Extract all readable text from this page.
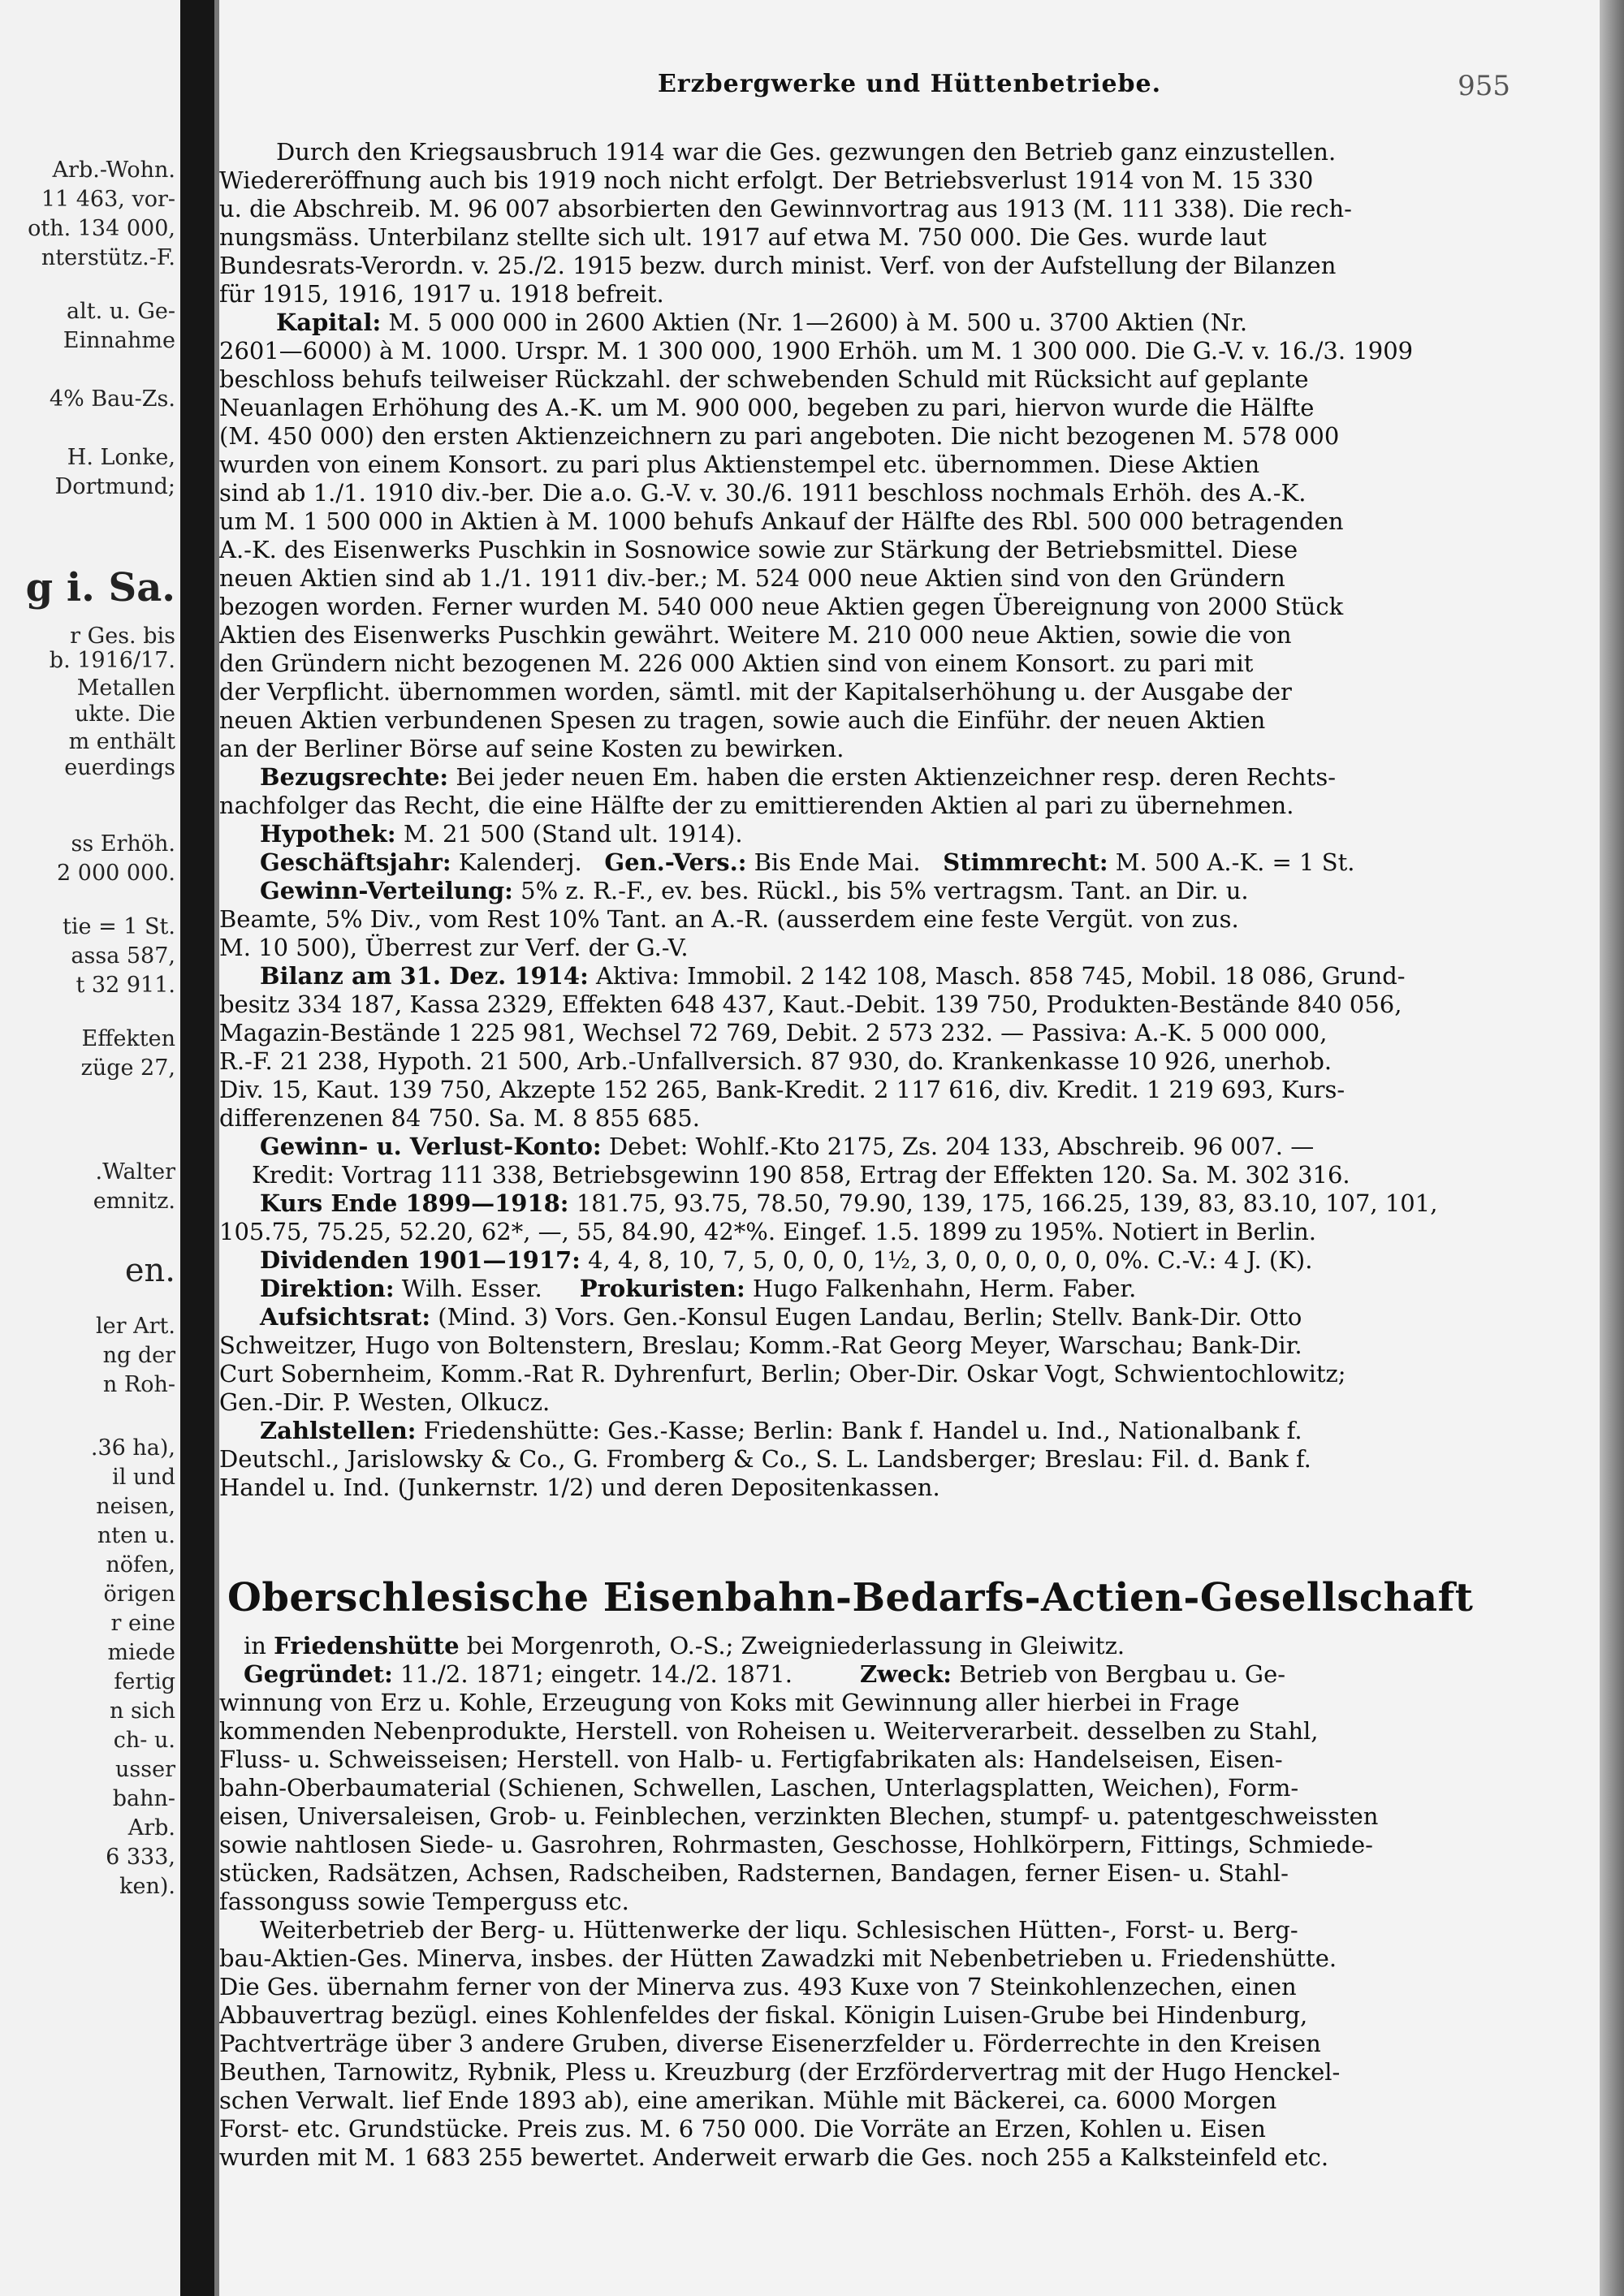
Arb.-Wohn.
11 463, vor-
oth. 134 000,
nterstütz.-F.
alt. u. Ge-
Einnahme
4% Bau-Zs.
H. Lonke,
Dortmund;
g i. Sa.
r Ges. bis
b. 1916/17.
Metallen
ukte. Die
m enthält
euerdings
ss Erhöh.
2 000 000.
tie = 1 St.
assa 587,
t 32 911.
Effekten
züge 27,
.Walter
emnitz.
en.
ler Art.
ng der
n Roh-
.36 ha),
il und
neisen,
nten u.
nöfen,
örigen
r eine
miede
fertig
n sich
ch- u.
usser
bahn-
Arb.
6 333,
ken).
Erzbergwerke und Hüttenbetriebe.	955
Durch den Kriegsausbruch 1914 war die Ges. gezwungen den Betrieb ganz einzustellen.
Wiedereröffnung auch bis 1919 noch nicht erfolgt. Der Betriebsverlust 1914 von M. 15 330
u. die Abschreib. M. 96 007 absorbierten den Gewinnvortrag aus 1913 (M. 111 338). Die rech-
nungsmäss. Unterbilanz stellte sich ult. 1917 auf etwa M. 750 000. Die Ges. wurde laut
Bundesrats-Verordn. v. 25./2. 1915 bezw. durch minist. Verf. von der Aufstellung der Bilanzen
für 1915, 1916, 1917 u. 1918 befreit.
Kapital: M. 5 000 000 in 2600 Aktien (Nr. 1—2600) à M. 500 u. 3700 Aktien (Nr.
2601—6000) à M. 1000. Urspr. M. 1 300 000, 1900 Erhöh. um M. 1 300 000. Die G.-V. v. 16./3. 1909
beschloss behufs teilweiser Rückzahl. der schwebenden Schuld mit Rücksicht auf geplante
Neuanlagen Erhöhung des A.-K. um M. 900 000, begeben zu pari, hiervon wurde die Hälfte
(M. 450 000) den ersten Aktienzeichnern zu pari angeboten. Die nicht bezogenen M. 578 000
wurden von einem Konsort. zu pari plus Aktienstempel etc. übernommen. Diese Aktien
sind ab 1./1. 1910 div.-ber. Die a.o. G.-V. v. 30./6. 1911 beschloss nochmals Erhöh. des A.-K.
um M. 1 500 000 in Aktien à M. 1000 behufs Ankauf der Hälfte des Rbl. 500 000 betragenden
A.-K. des Eisenwerks Puschkin in Sosnowice sowie zur Stärkung der Betriebsmittel. Diese
neuen Aktien sind ab 1./1. 1911 div.-ber.; M. 524 000 neue Aktien sind von den Gründern
bezogen worden. Ferner wurden M. 540 000 neue Aktien gegen Übereignung von 2000 Stück
Aktien des Eisenwerks Puschkin gewährt. Weitere M. 210 000 neue Aktien, sowie die von
den Gründern nicht bezogenen M. 226 000 Aktien sind von einem Konsort. zu pari mit
der Verpflicht. übernommen worden, sämtl. mit der Kapitalserhöhung u. der Ausgabe der
neuen Aktien verbundenen Spesen zu tragen, sowie auch die Einführ. der neuen Aktien
an der Berliner Börse auf seine Kosten zu bewirken.
Bezugsrechte: Bei jeder neuen Em. haben die ersten Aktienzeichner resp. deren Rechts-
nachfolger das Recht, die eine Hälfte der zu emittierenden Aktien al pari zu übernehmen.
Hypothek: M. 21 500 (Stand ult. 1914).
Geschäftsjahr: Kalenderj. Gen.-Vers.: Bis Ende Mai. Stimmrecht: M. 500 A.-K. = 1 St.
Gewinn-Verteilung: 5% z. R.-F., ev. bes. Rückl., bis 5% vertragsm. Tant. an Dir. u.
Beamte, 5% Div., vom Rest 10% Tant. an A.-R. (ausserdem eine feste Vergüt. von zus.
M. 10 500), Überrest zur Verf. der G.-V.
Bilanz am 31. Dez. 1914: Aktiva: Immobil. 2 142 108, Masch. 858 745, Mobil. 18 086, Grund-
besitz 334 187, Kassa 2329, Effekten 648 437, Kaut.-Debit. 139 750, Produkten-Bestände 840 056,
Magazin-Bestände 1 225 981, Wechsel 72 769, Debit. 2 573 232. — Passiva: A.-K. 5 000 000,
R.-F. 21 238, Hypoth. 21 500, Arb.-Unfallversich. 87 930, do. Krankenkasse 10 926, unerhob.
Div. 15, Kaut. 139 750, Akzepte 152 265, Bank-Kredit. 2 117 616, div. Kredit. 1 219 693, Kurs-
differenzenen 84 750. Sa. M. 8 855 685.
Gewinn- u. Verlust-Konto: Debet: Wohlf.-Kto 2175, Zs. 204 133, Abschreib. 96 007. —
Kredit: Vortrag 111 338, Betriebsgewinn 190 858, Ertrag der Effekten 120. Sa. M. 302 316.
Kurs Ende 1899—1918: 181.75, 93.75, 78.50, 79.90, 139, 175, 166.25, 139, 83, 83.10, 107, 101,
105.75, 75.25, 52.20, 62*, —, 55, 84.90, 42*%. Eingef. 1.5. 1899 zu 195%. Notiert in Berlin.
Dividenden 1901—1917: 4, 4, 8, 10, 7, 5, 0, 0, 0, 1½, 3, 0, 0, 0, 0, 0, 0%. C.-V.: 4 J. (K).
Direktion: Wilh. Esser. Prokuristen: Hugo Falkenhahn, Herm. Faber.
Aufsichtsrat: (Mind. 3) Vors. Gen.-Konsul Eugen Landau, Berlin; Stellv. Bank-Dir. Otto
Schweitzer, Hugo von Boltenstern, Breslau; Komm.-Rat Georg Meyer, Warschau; Bank-Dir.
Curt Sobernheim, Komm.-Rat R. Dyhrenfurt, Berlin; Ober-Dir. Oskar Vogt, Schwientochlowitz;
Gen.-Dir. P. Westen, Olkucz.
Zahlstellen: Friedenshütte: Ges.-Kasse; Berlin: Bank f. Handel u. Ind., Nationalbank f.
Deutschl., Jarislowsky & Co., G. Fromberg & Co., S. L. Landsberger; Breslau: Fil. d. Bank f.
Handel u. Ind. (Junkernstr. 1/2) und deren Depositenkassen.
Oberschlesische Eisenbahn-Bedarfs-Actien-Gesellschaft
in Friedenshütte bei Morgenroth, O.-S.; Zweigniederlassung in Gleiwitz.
Gegründet: 11./2. 1871; eingetr. 14./2. 1871.	Zweck: Betrieb von Bergbau u. Ge-
winnung von Erz u. Kohle, Erzeugung von Koks mit Gewinnung aller hierbei in Frage
kommenden Nebenprodukte, Herstell. von Roheisen u. Weiterverarbeit. desselben zu Stahl,
Fluss- u. Schweisseisen; Herstell. von Halb- u. Fertigfabrikaten als: Handelseisen, Eisen-
bahn-Oberbaumaterial (Schienen, Schwellen, Laschen, Unterlagsplatten, Weichen), Form-
eisen, Universaleisen, Grob- u. Feinblechen, verzinkten Blechen, stumpf- u. patentgeschweissten
sowie nahtlosen Siede- u. Gasrohren, Rohrmasten, Geschosse, Hohlkörpern, Fittings, Schmiede-
stücken, Radsätzen, Achsen, Radscheiben, Radsternen, Bandagen, ferner Eisen- u. Stahl-
fassonguss sowie Temperguss etc.
Weiterbetrieb der Berg- u. Hüttenwerke der liqu. Schlesischen Hütten-, Forst- u. Berg-
bau-Aktien-Ges. Minerva, insbes. der Hütten Zawadzki mit Nebenbetrieben u. Friedenshütte.
Die Ges. übernahm ferner von der Minerva zus. 493 Kuxe von 7 Steinkohlenzechen, einen
Abbauvertrag bezügl. eines Kohlenfeldes der fiskal. Königin Luisen-Grube bei Hindenburg,
Pachtverträge über 3 andere Gruben, diverse Eisenerzfelder u. Förderrechte in den Kreisen
Beuthen, Tarnowitz, Rybnik, Pless u. Kreuzburg (der Erzfördervertrag mit der Hugo Henckel-
schen Verwalt. lief Ende 1893 ab), eine amerikan. Mühle mit Bäckerei, ca. 6000 Morgen
Forst- etc. Grundstücke. Preis zus. M. 6 750 000. Die Vorräte an Erzen, Kohlen u. Eisen
wurden mit M. 1 683 255 bewertet. Anderweit erwarb die Ges. noch 255 a Kalksteinfeld etc.
